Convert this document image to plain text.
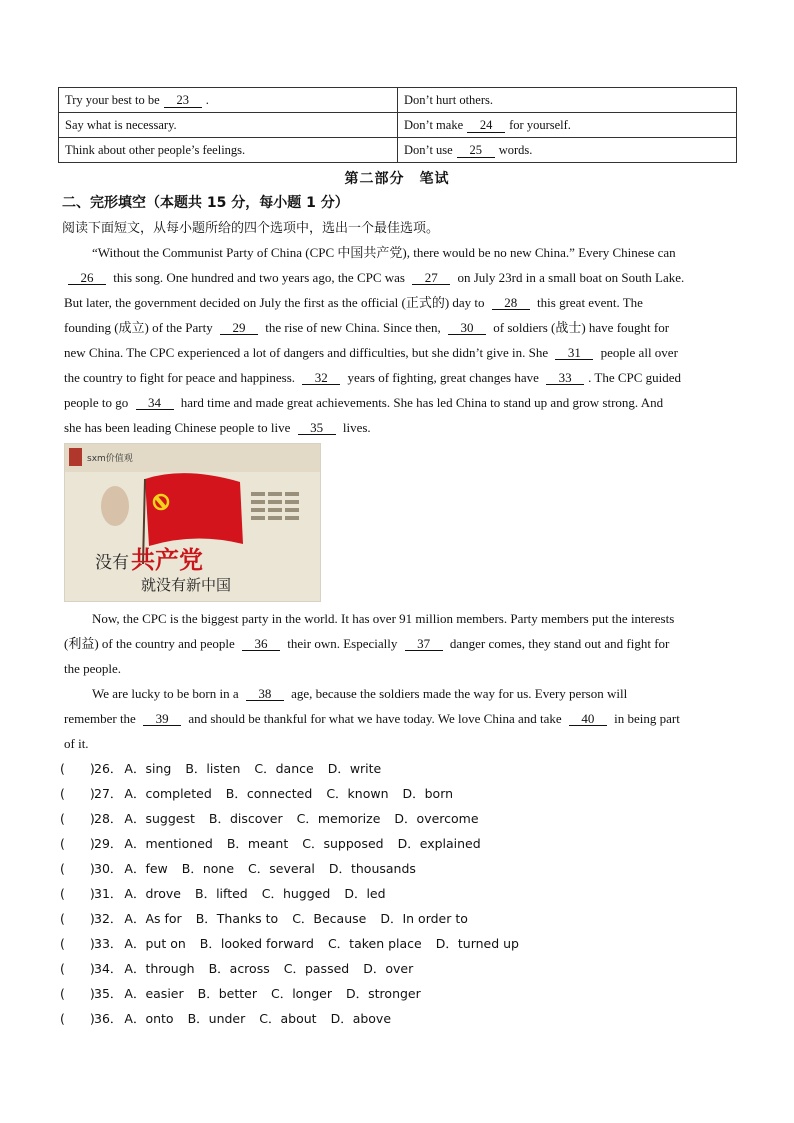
Try your best to be 23 .	Don’t hurt others.
Say what is necessary.	Don’t make 24 for yourself.
Think about other people’s feelings.	Don’t use 25 words.
第二部分　笔试
二、完形填空（本题共 15 分，每小题 1 分）
阅读下面短文，从每小题所给的四个选项中，选出一个最佳选项。
“Without the Communist Party of China (CPC 中国共产党), there would be no new China.” Every Chinese can
26 this song. One hundred and two years ago, the CPC was 27 on July 23rd in a small boat on South Lake.
But later, the government decided on July the first as the official (正式的) day to 28 this great event. The
founding (成立) of the Party 29 the rise of new China. Since then, 30 of soldiers (战士) have fought for
new China. The CPC experienced a lot of dangers and difficulties, but she didn’t give in. She 31 people all over
the country to fight for peace and happiness. 32 years of fighting, great changes have 33 . The CPC guided
people to go 34 hard time and made great achievements. She has led China to stand up and grow strong. And
she has been leading Chinese people to live 35 lives.
sxm价值观
没有 共产党
就没有新中国
Now, the CPC is the biggest party in the world. It has over 91 million members. Party members put the interests
(利益) of the country and people 36 their own. Especially 37 danger comes, they stand out and fight for
the people.
We are lucky to be born in a 38 age, because the soldiers made the way for us. Every person will
remember the 39 and should be thankful for what we have today. We love China and take 40 in being part
of it.
(　　)26． A．sing B．listen C．dance D．write
(　　)27． A．completed B．connected C．known D．born
(　　)28． A．suggest B．discover C．memorize D．overcome
(　　)29． A．mentioned B．meant C．supposed D．explained
(　　)30． A．few B．none C．several D．thousands
(　　)31． A．drove B．lifted C．hugged D．led
(　　)32． A．As for B．Thanks to C．Because D．In order to
(　　)33． A．put on B．looked forward C．taken place D．turned up
(　　)34． A．through B．across C．passed D．over
(　　)35． A．easier B．better C．longer D．stronger
(　　)36． A．onto B．under C．about D．above
